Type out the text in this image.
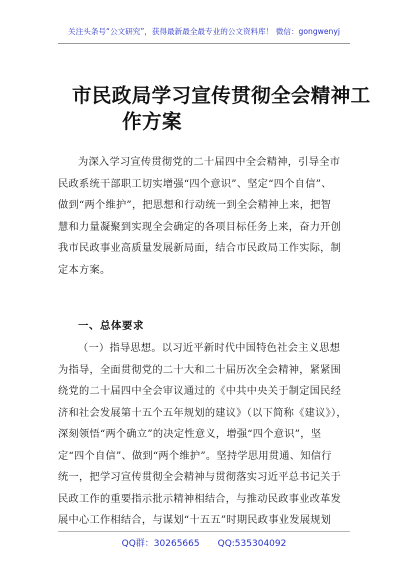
关注头条号“公文研究”，获得最新最全最专业的公文资料库！ 微信：gongwenyj
市民政局学习宣传贯彻全会精神工
作方案
为深入学习宣传贯彻党的二十届四中全会精神，引导全市
民政系统干部职工切实增强“四个意识”、坚定“四个自信”、
做到“两个维护”，把思想和行动统一到全会精神上来，把智
慧和力量凝聚到实现全会确定的各项目标任务上来，奋力开创
我市民政事业高质量发展新局面，结合市民政局工作实际，制
定本方案。
一、总体要求
（一）指导思想。以习近平新时代中国特色社会主义思想
为指导，全面贯彻党的二十大和二十届历次全会精神，紧紧围
绕党的二十届四中全会审议通过的《中共中央关于制定国民经
济和社会发展第十五个五年规划的建议》（以下简称《建议》），
深刻领悟“两个确立”的决定性意义，增强“四个意识”，坚
定“四个自信”、做到“两个维护”。坚持学思用贯通、知信行
统一，把学习宣传贯彻全会精神与贯彻落实习近平总书记关于
民政工作的重要指示批示精神相结合，与推动民政事业改革发
展中心工作相结合，与谋划“十五五”时期民政事业发展规划
QQ群：30265665 QQ:535304092
